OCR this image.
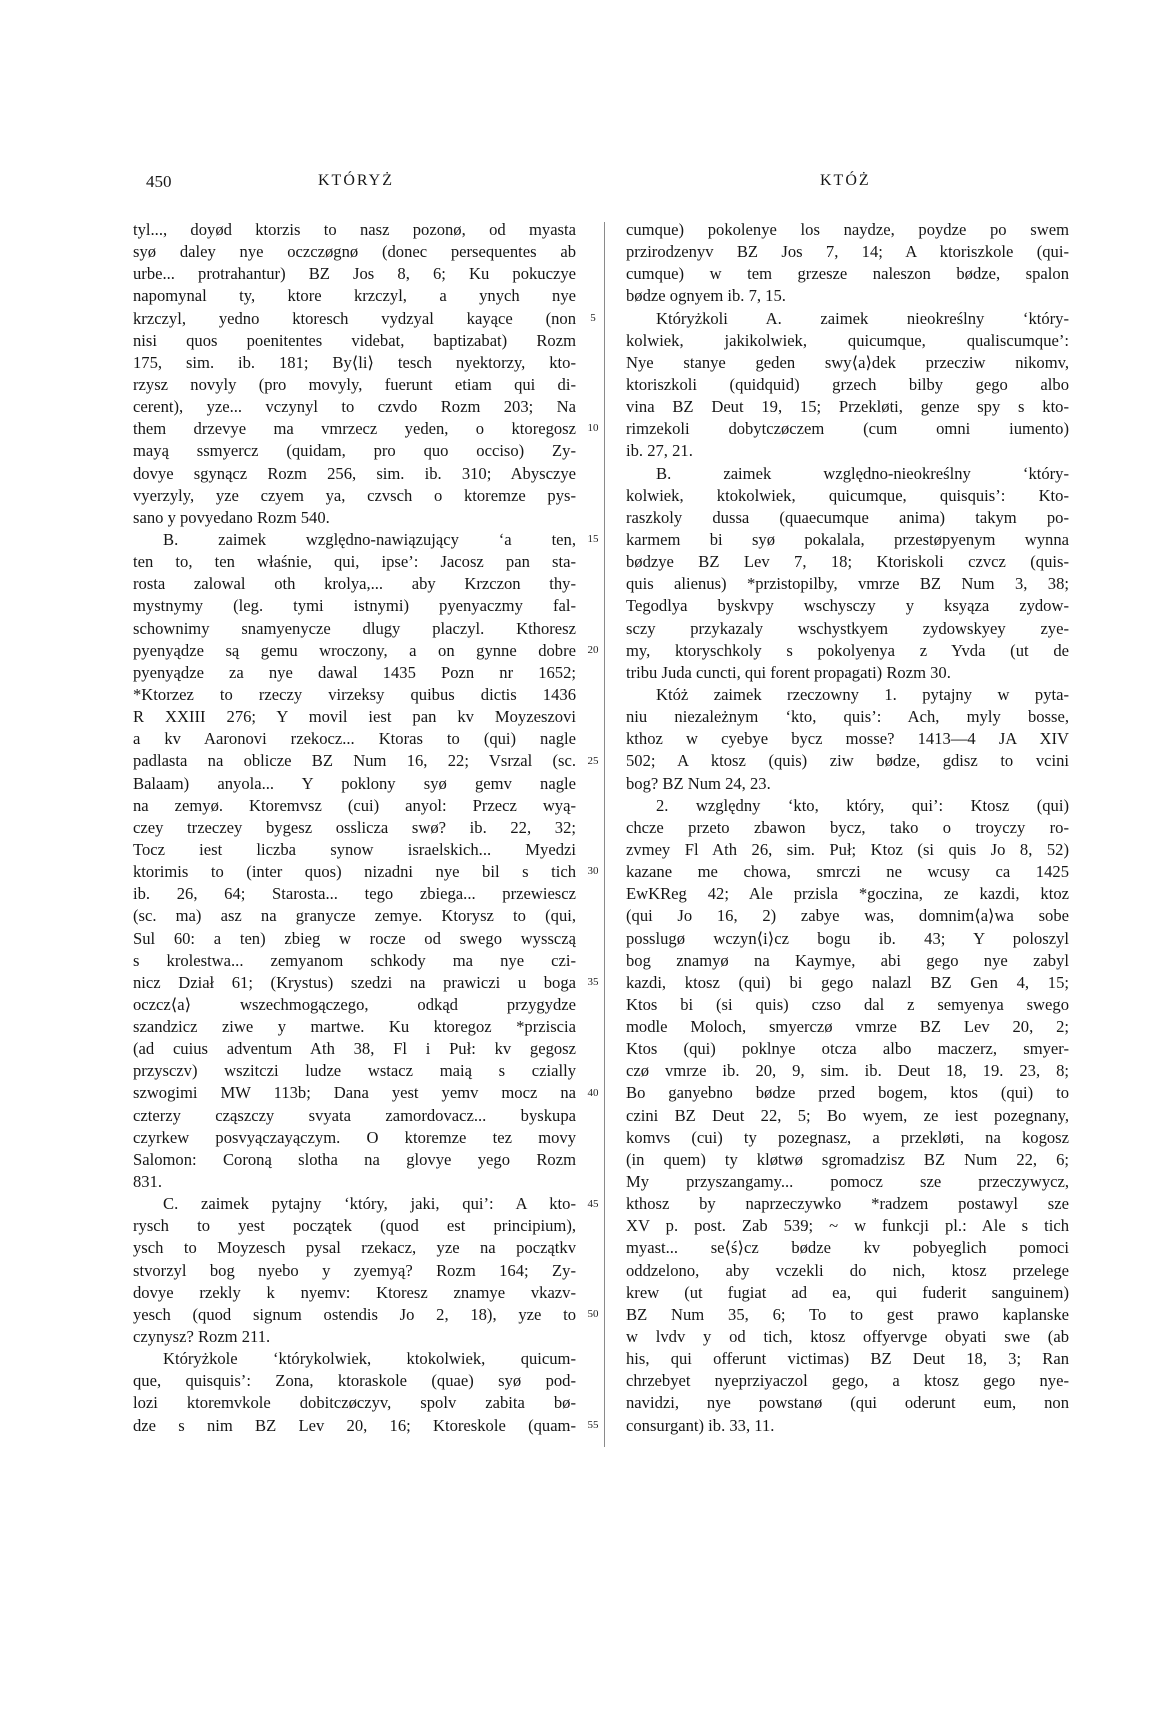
450	KTÓRYŻ	KTÓŻ
tyl..., doyød ktorzis to nasz pozonø, od myasta
syø daley nye oczczøgnø (donec persequentes ab
urbe... protrahantur) BZ Jos 8, 6; Ku pokuczye
napomynal ty, ktore krzczyl, a ynych nye
krzczyl, yedno ktoresch vydzyal kayące (non
nisi quos poenitentes videbat, baptizabat) Rozm
175, sim. ib. 181; By⟨li⟩ tesch nyektorzy, kto-
rzysz novyly (pro movyly, fuerunt etiam qui di-
cerent), yze... vczynyl to czvdo Rozm 203; Na
them drzevye ma vmrzecz yeden, o ktoregosz
mayą ssmyercz (quidam, pro quo occiso) Zy-
dovye sgynącz Rozm 256, sim. ib. 310; Abysczye
vyerzyly, yze czyem ya, czvsch o ktoremze pys-
sano y povyedano Rozm 540.
B. zaimek względno-nawiązujący ‘a ten,
ten to, ten właśnie, qui, ipse’: Jacosz pan sta-
rosta zalowal oth krolya,... aby Krzczon thy-
mystnymy (leg. tymi istnymi) pyenyaczmy fal-
schownimy snamyenycze dlugy placzyl. Kthoresz
pyenyądze są gemu wroczony, a on gynne dobre
pyenyądze za nye dawal 1435 Pozn nr 1652;
*Ktorzez to rzeczy virzeksy quibus dictis 1436
R XXIII 276; Y movil iest pan kv Moyzeszovi
a kv Aaronovi rzekocz... Ktoras to (qui) nagle
padlasta na oblicze BZ Num 16, 22; Vsrzal (sc.
Balaam) anyola... Y poklony syø gemv nagle
na zemyø. Ktoremvsz (cui) anyol: Przecz wyą-
czey trzeczey bygesz osslicza swø? ib. 22, 32;
Tocz iest liczba synow israelskich... Myedzi
ktorimis to (inter quos) nizadni nye bil s tich
ib. 26, 64; Starosta... tego zbiega... przewiescz
(sc. ma) asz na granycze zemye. Ktorysz to (qui,
Sul 60: a ten) zbieg w rocze od swego wyssczą
s krolestwa... zemyanom schkody ma nye czi-
nicz Dział 61; (Krystus) szedzi na prawiczi u boga
oczcz⟨a⟩ wszechmogączego, odkąd przygydze
szandzicz ziwe y martwe. Ku ktoregoz *prziscia
(ad cuius adventum Ath 38, Fl i Puł: kv gegosz
przysczv) wszitczi ludze wstacz maią s czially
szwogimi MW 113b; Dana yest yemv mocz na
czterzy cząszczy svyata zamordovacz... byskupa
czyrkew posvyączayączym. O ktoremze tez movy
Salomon: Coroną slotha na glovye yego Rozm
831.
C. zaimek pytajny ‘który, jaki, qui’: A kto-
rysch to yest początek (quod est principium),
ysch to Moyzesch pysal rzekacz, yze na początkv
stvorzyl bog nyebo y zyemyą? Rozm 164; Zy-
dovye rzekly k nyemv: Ktoresz znamye vkazv-
yesch (quod signum ostendis Jo 2, 18), yze to
czynysz? Rozm 211.
Któryżkole ‘którykolwiek, ktokolwiek, quicum-
que, quisquis’: Zona, ktoraskole (quae) syø pod-
lozi ktoremvkole dobitczøczyv, spolv zabita bø-
dze s nim BZ Lev 20, 16; Ktoreskole (quam-
5
10
15
20
25
30
35
40
45
50
55
cumque) pokolenye los naydze, poydze po swem
przirodzenyv BZ Jos 7, 14; A ktoriszkole (qui-
cumque) w tem grzesze naleszon bødze, spalon
bødze ognyem ib. 7, 15.
Któryżkoli A. zaimek nieokreślny ‘który-
kolwiek, jakikolwiek, quicumque, qualiscumque’:
Nye stanye geden swy⟨a⟩dek przecziw nikomv,
ktoriszkoli (quidquid) grzech bilby gego albo
vina BZ Deut 19, 15; Przekløti, genze spy s kto-
rimzekoli dobytczøczem (cum omni iumento)
ib. 27, 21.
B. zaimek względno-nieokreślny ‘który-
kolwiek, ktokolwiek, quicumque, quisquis’: Kto-
raszkoly dussa (quaecumque anima) takym po-
karmem bi syø pokalala, przestøpyenym wynna
bødzye BZ Lev 7, 18; Ktoriskoli czvcz (quis-
quis alienus) *przistopilby, vmrze BZ Num 3, 38;
Tegodlya byskvpy wschysczy y ksyąza zydow-
sczy przykazaly wschystkyem zydowskyey zye-
my, ktoryschkoly s pokolyenya z Yvda (ut de
tribu Juda cuncti, qui forent propagati) Rozm 30.
Któż zaimek rzeczowny 1. pytajny w pyta-
niu niezależnym ‘kto, quis’: Ach, myly bosse,
kthoz w cyebye bycz mosse? 1413—4 JA XIV
502; A ktosz (quis) ziw bødze, gdisz to vcini
bog? BZ Num 24, 23.
2. względny ‘kto, który, qui’: Ktosz (qui)
chcze przeto zbawon bycz, tako o troyczy ro-
zvmey Fl Ath 26, sim. Puł; Ktoz (si quis Jo 8, 52)
kazane me chowa, smrczi ne wcusy ca 1425
EwKReg 42; Ale przisla *goczina, ze kazdi, ktoz
(qui Jo 16, 2) zabye was, domnim⟨a⟩wa sobe
posslugø wczyn⟨i⟩cz bogu ib. 43; Y poloszyl
bog znamyø na Kaymye, abi gego nye zabyl
kazdi, ktosz (qui) bi gego nalazl BZ Gen 4, 15;
Ktos bi (si quis) czso dal z semyenya swego
modle Moloch, smyerczø vmrze BZ Lev 20, 2;
Ktos (qui) poklnye otcza albo maczerz, smyer-
czø vmrze ib. 20, 9, sim. ib. Deut 18, 19. 23, 8;
Bo ganyebno bødze przed bogem, ktos (qui) to
czini BZ Deut 22, 5; Bo wyem, ze iest pozegnany,
komvs (cui) ty pozegnasz, a przekløti, na kogosz
(in quem) ty kløtwø sgromadzisz BZ Num 22, 6;
My przyszangamy... pomocz sze przeczywycz,
kthosz by naprzeczywko *radzem postawyl sze
XV p. post. Zab 539; ~ w funkcji pl.: Ale s tich
myast... se⟨ś⟩cz bødze kv pobyeglich pomoci
oddzelono, aby vczekli do nich, ktosz przelege
krew (ut fugiat ad ea, qui fuderit sanguinem)
BZ Num 35, 6; To to gest prawo kaplanske
w lvdv y od tich, ktosz offyervge obyati swe (ab
his, qui offerunt victimas) BZ Deut 18, 3; Ran
chrzebyet nyeprziyaczol gego, a ktosz gego nye-
navidzi, nye powstanø (qui oderunt eum, non
consurgant) ib. 33, 11.
